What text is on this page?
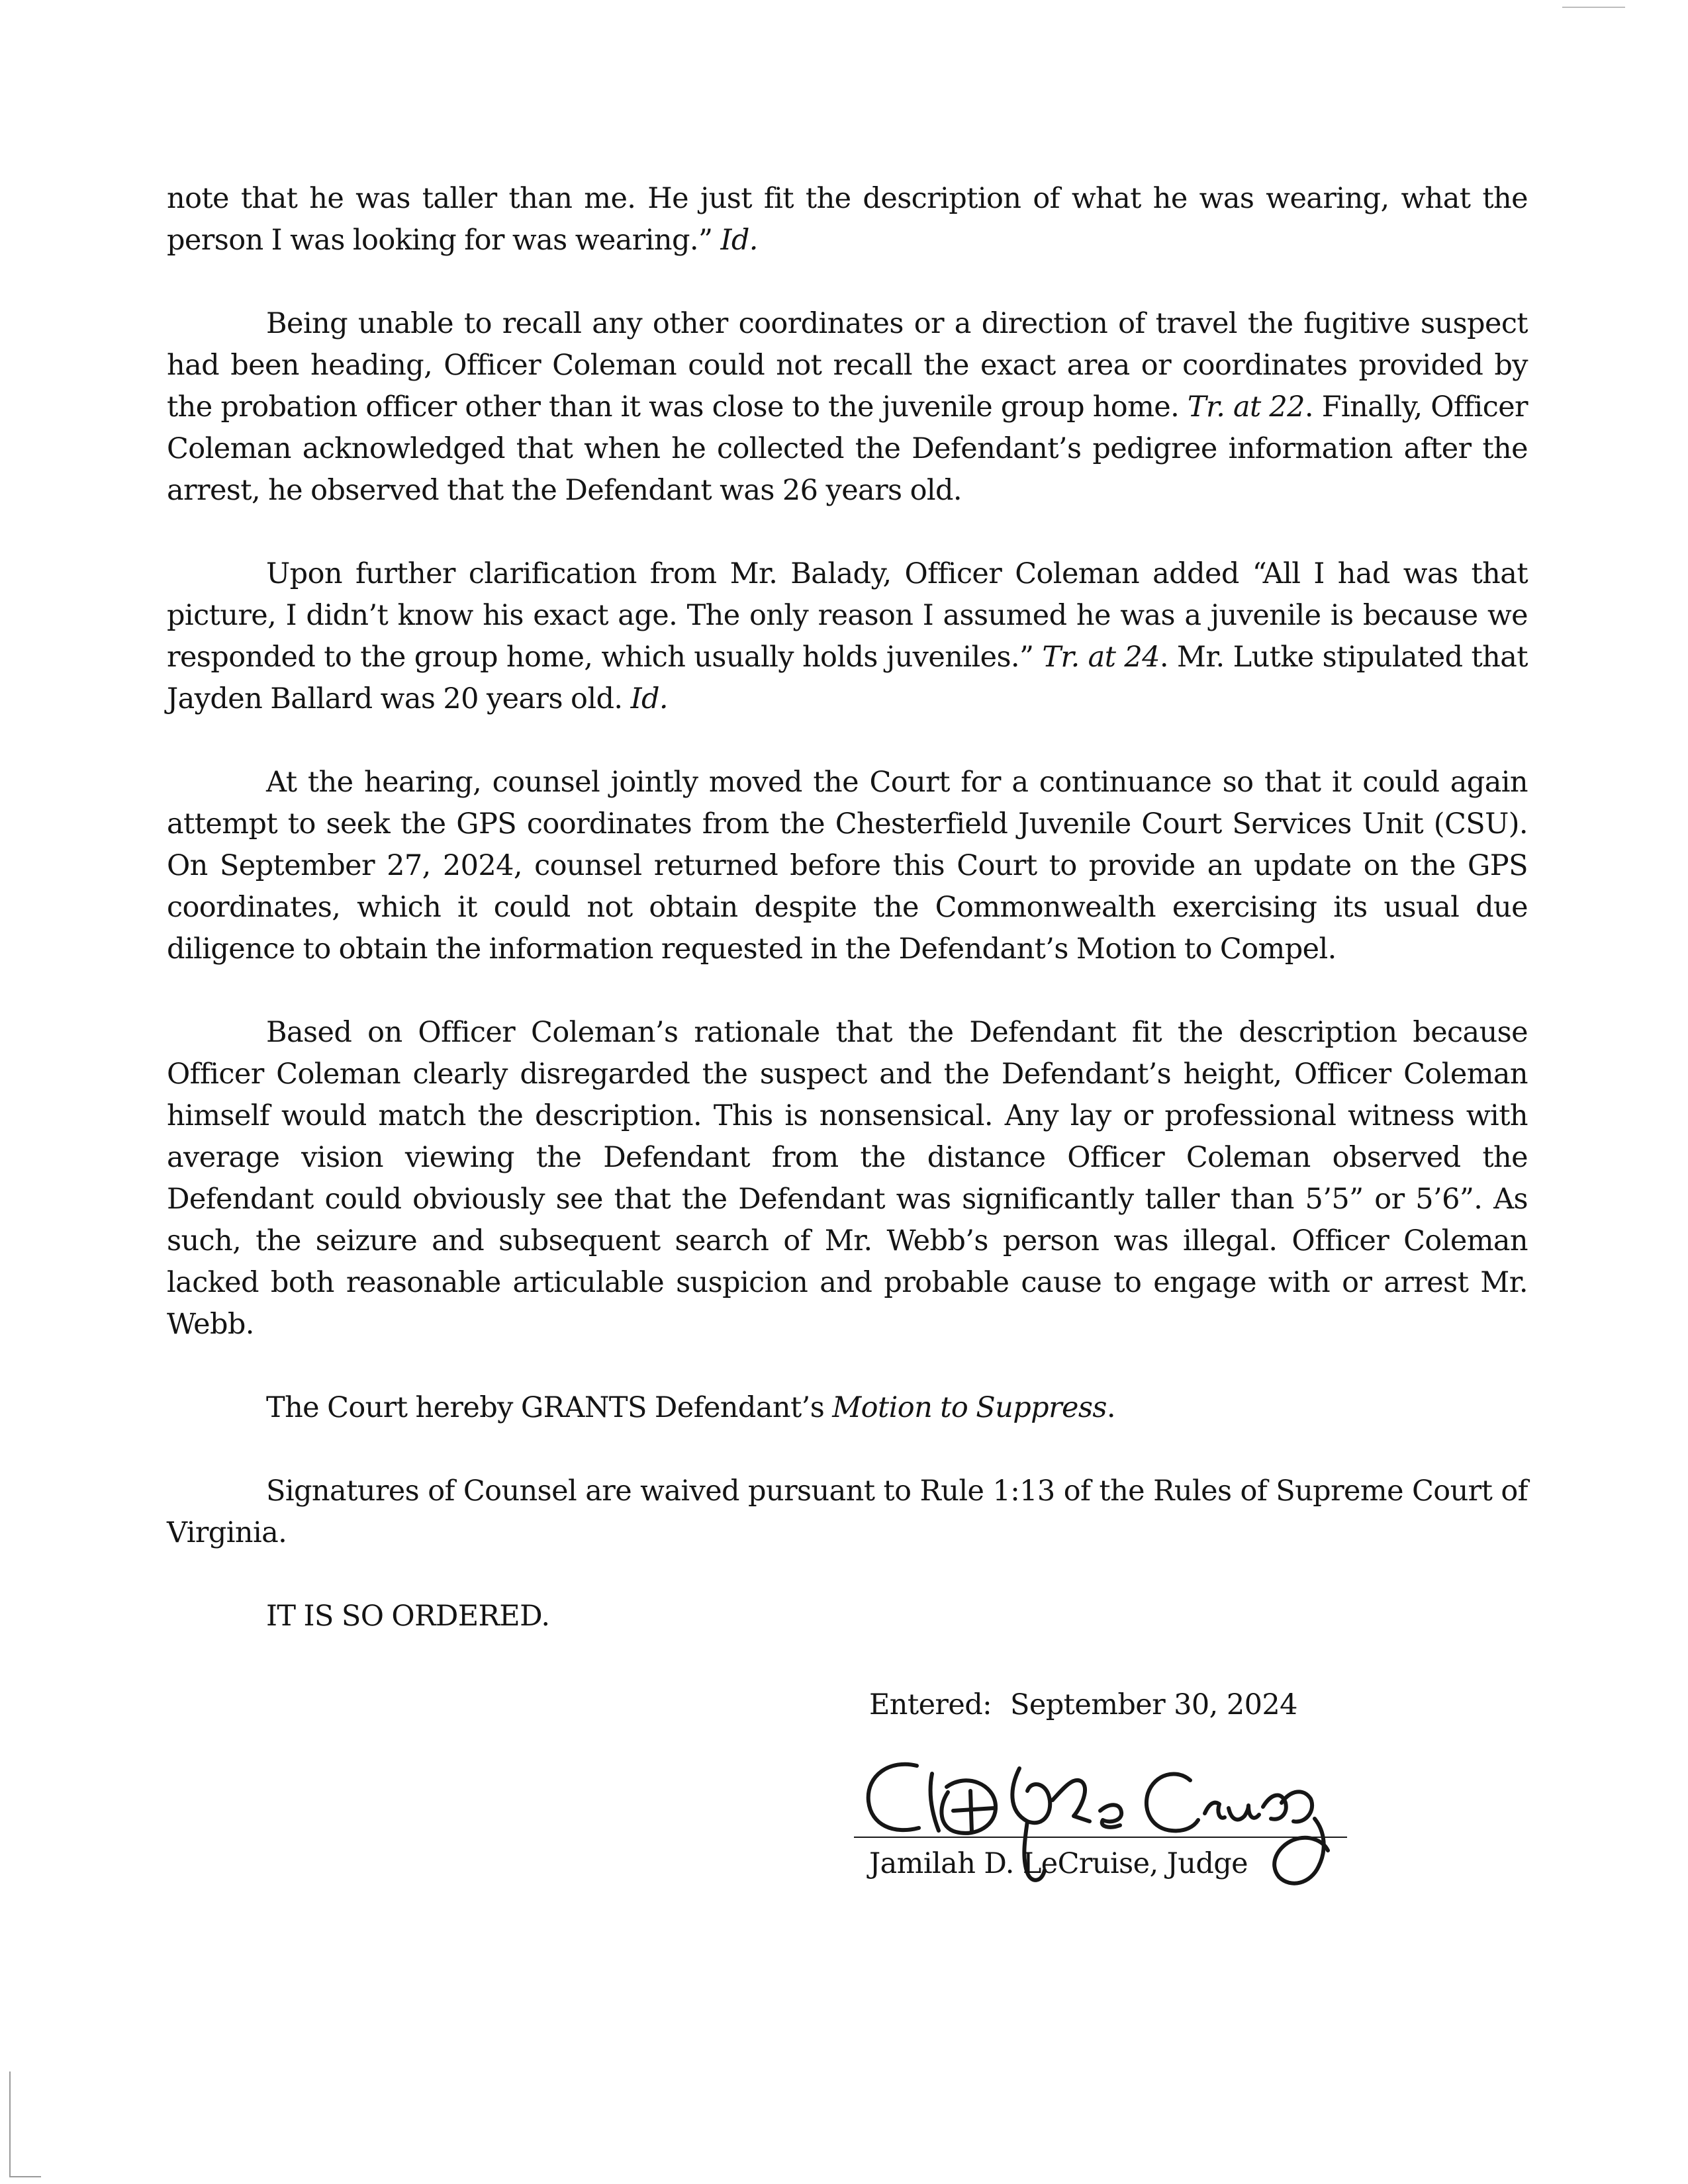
note that he was taller than me. He just fit the description of what he was wearing, what the person I was looking for was wearing.” Id.

Being unable to recall any other coordinates or a direction of travel the fugitive suspect had been heading, Officer Coleman could not recall the exact area or coordinates provided by the probation officer other than it was close to the juvenile group home. Tr. at 22. Finally, Officer Coleman acknowledged that when he collected the Defendant’s pedigree information after the arrest, he observed that the Defendant was 26 years old.

Upon further clarification from Mr. Balady, Officer Coleman added “All I had was that picture, I didn’t know his exact age. The only reason I assumed he was a juvenile is because we responded to the group home, which usually holds juveniles.” Tr. at 24. Mr. Lutke stipulated that Jayden Ballard was 20 years old. Id.

At the hearing, counsel jointly moved the Court for a continuance so that it could again attempt to seek the GPS coordinates from the Chesterfield Juvenile Court Services Unit (CSU). On September 27, 2024, counsel returned before this Court to provide an update on the GPS coordinates, which it could not obtain despite the Commonwealth exercising its usual due diligence to obtain the information requested in the Defendant’s Motion to Compel.

Based on Officer Coleman’s rationale that the Defendant fit the description because Officer Coleman clearly disregarded the suspect and the Defendant’s height, Officer Coleman himself would match the description. This is nonsensical. Any lay or professional witness with average vision viewing the Defendant from the distance Officer Coleman observed the Defendant could obviously see that the Defendant was significantly taller than 5’5” or 5’6”. As such, the seizure and subsequent search of Mr. Webb’s person was illegal. Officer Coleman lacked both reasonable articulable suspicion and probable cause to engage with or arrest Mr. Webb.

The Court hereby GRANTS Defendant’s Motion to Suppress.

Signatures of Counsel are waived pursuant to Rule 1:13 of the Rules of Supreme Court of Virginia.

IT IS SO ORDERED.

Entered: September 30, 2024
Jamilah D. LeCruise, Judge
